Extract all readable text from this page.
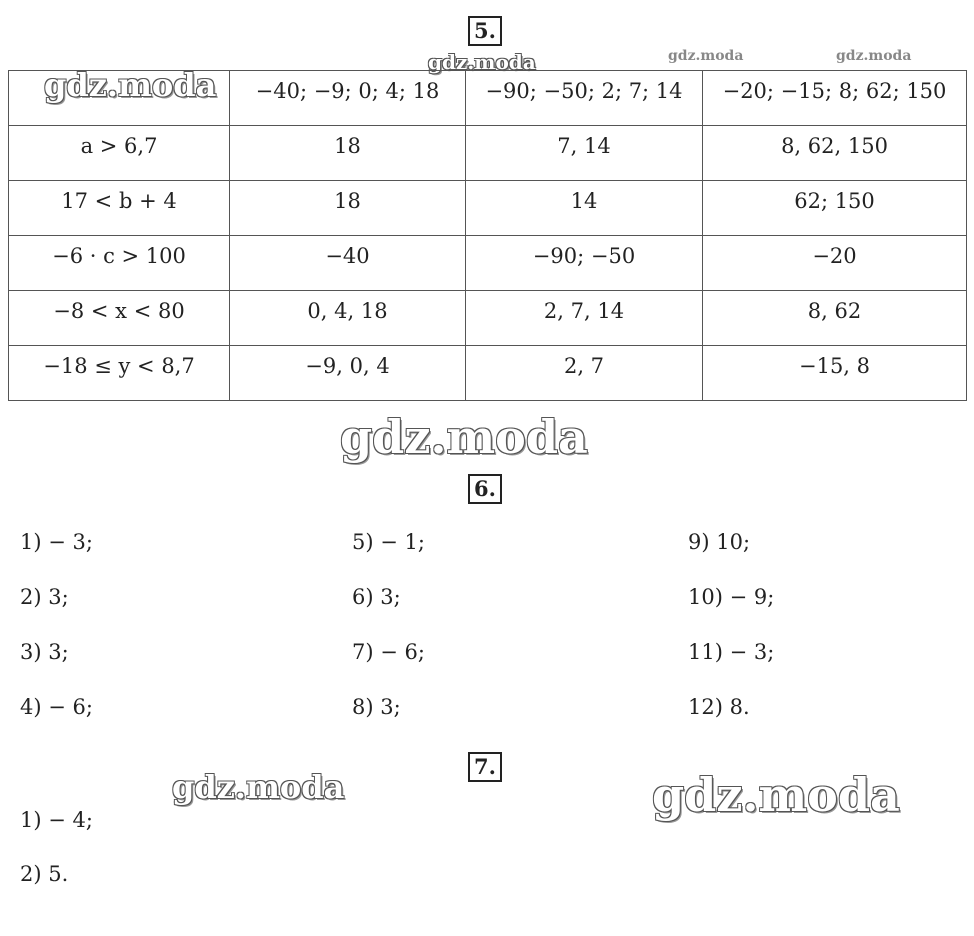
5.
gdz.moda	gdz.moda	gdz.moda
	−40; −9; 0; 4; 18	−90; −50; 2; 7; 14	−20; −15; 8; 62; 150
a > 6,7	18	7, 14	8, 62, 150
17 < b + 4	18	14	62; 150
−6 · c > 100	−40	−90; −50	−20
−8 < x < 80	0, 4, 18	2, 7, 14	8, 62
−18 ≤ y < 8,7	−9, 0, 4	2, 7	−15, 8
gdz.moda
gdz.moda
6.
1) − 3;
2) 3;
3) 3;
4) − 6;
5) − 1;
6) 3;
7) − 6;
8) 3;
9) 10;
10) − 9;
11) − 3;
12) 8.
7.
gdz.moda	gdz.moda
1) − 4;
2) 5.
